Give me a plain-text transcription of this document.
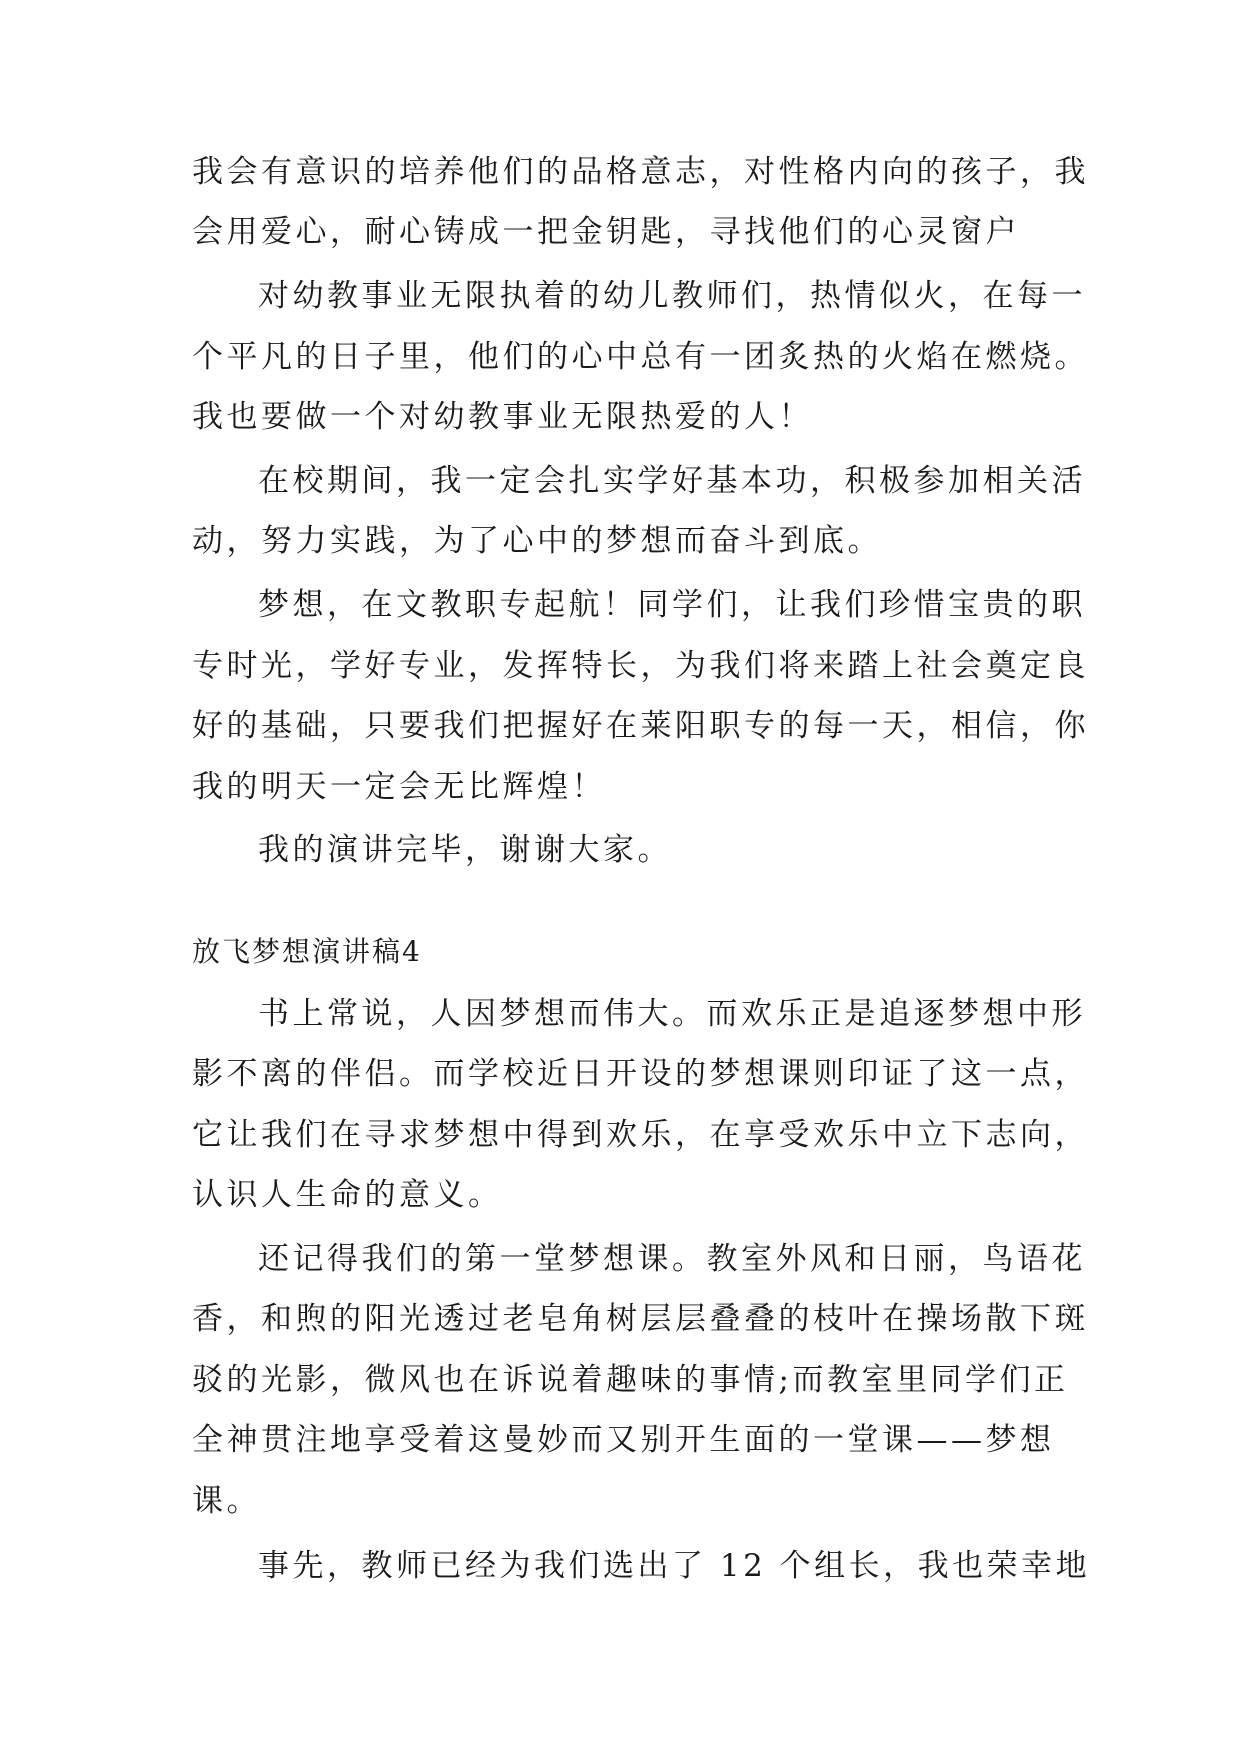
我会有意识的培养他们的品格意志，对性格内向的孩子，我

会用爱心，耐心铸成一把金钥匙，寻找他们的心灵窗户

对幼教事业无限执着的幼儿教师们，热情似火，在每一

个平凡的日子里，他们的心中总有一团炙热的火焰在燃烧。

我也要做一个对幼教事业无限热爱的人！

在校期间，我一定会扎实学好基本功，积极参加相关活

动，努力实践，为了心中的梦想而奋斗到底。

梦想，在文教职专起航！同学们，让我们珍惜宝贵的职

专时光，学好专业，发挥特长，为我们将来踏上社会奠定良

好的基础，只要我们把握好在莱阳职专的每一天，相信，你

我的明天一定会无比辉煌！

我的演讲完毕，谢谢大家。

放飞梦想演讲稿4

书上常说，人因梦想而伟大。而欢乐正是追逐梦想中形

影不离的伴侣。而学校近日开设的梦想课则印证了这一点，

它让我们在寻求梦想中得到欢乐，在享受欢乐中立下志向，

认识人生命的意义。

还记得我们的第一堂梦想课。教室外风和日丽，鸟语花

香，和煦的阳光透过老皂角树层层叠叠的枝叶在操场散下斑

驳的光影，微风也在诉说着趣味的事情;而教室里同学们正

全神贯注地享受着这曼妙而又别开生面的一堂课——梦想

课。

事先，教师已经为我们选出了 12 个组长，我也荣幸地
